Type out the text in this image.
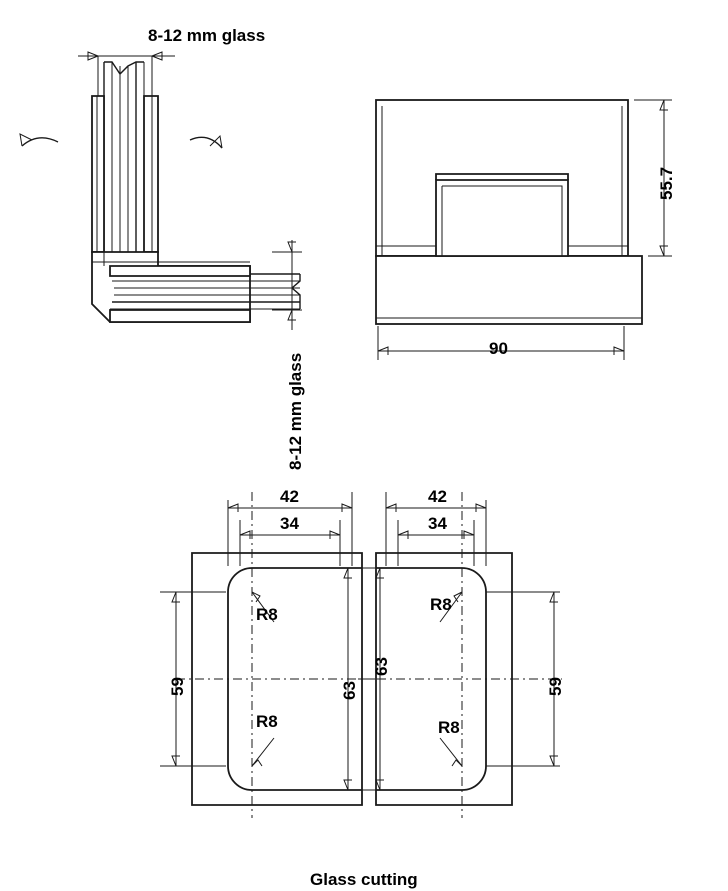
8-12 mm glass
8-12 mm glass
55.7
90
42
34
59	63
R8
R8
42
34
63
59
R8
R8
Glass cutting
